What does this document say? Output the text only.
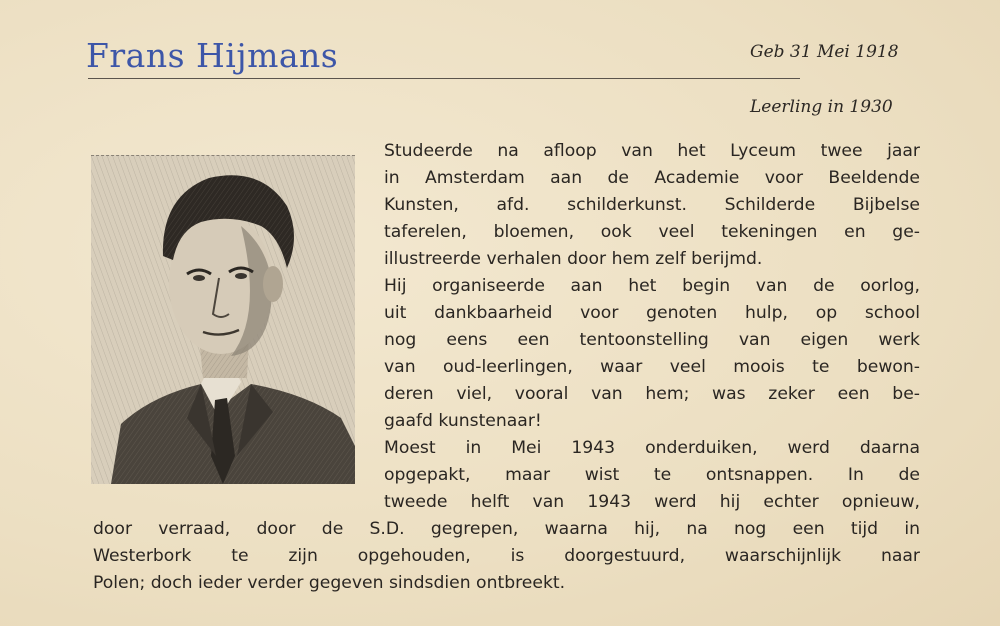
Frans Hijmans	Geb 31 Mei 1918
Leerling in 1930
Studeerde na afloop van het Lyceum twee jaar
in Amsterdam aan de Academie voor Beeldende
Kunsten, afd. schilderkunst. Schilderde Bijbelse
taferelen, bloemen, ook veel tekeningen en ge-
illustreerde verhalen door hem zelf berijmd.
Hij organiseerde aan het begin van de oorlog,
uit dankbaarheid voor genoten hulp, op school
nog eens een tentoonstelling van eigen werk
van oud-leerlingen, waar veel moois te bewon-
deren viel, vooral van hem; was zeker een be-
gaafd kunstenaar!
Moest in Mei 1943 onderduiken, werd daarna
opgepakt, maar wist te ontsnappen. In de
tweede helft van 1943 werd hij echter opnieuw,
door verraad, door de S.D. gegrepen, waarna hij, na nog een tijd in
Westerbork te zijn opgehouden, is doorgestuurd, waarschijnlijk naar
Polen; doch ieder verder gegeven sindsdien ontbreekt.
